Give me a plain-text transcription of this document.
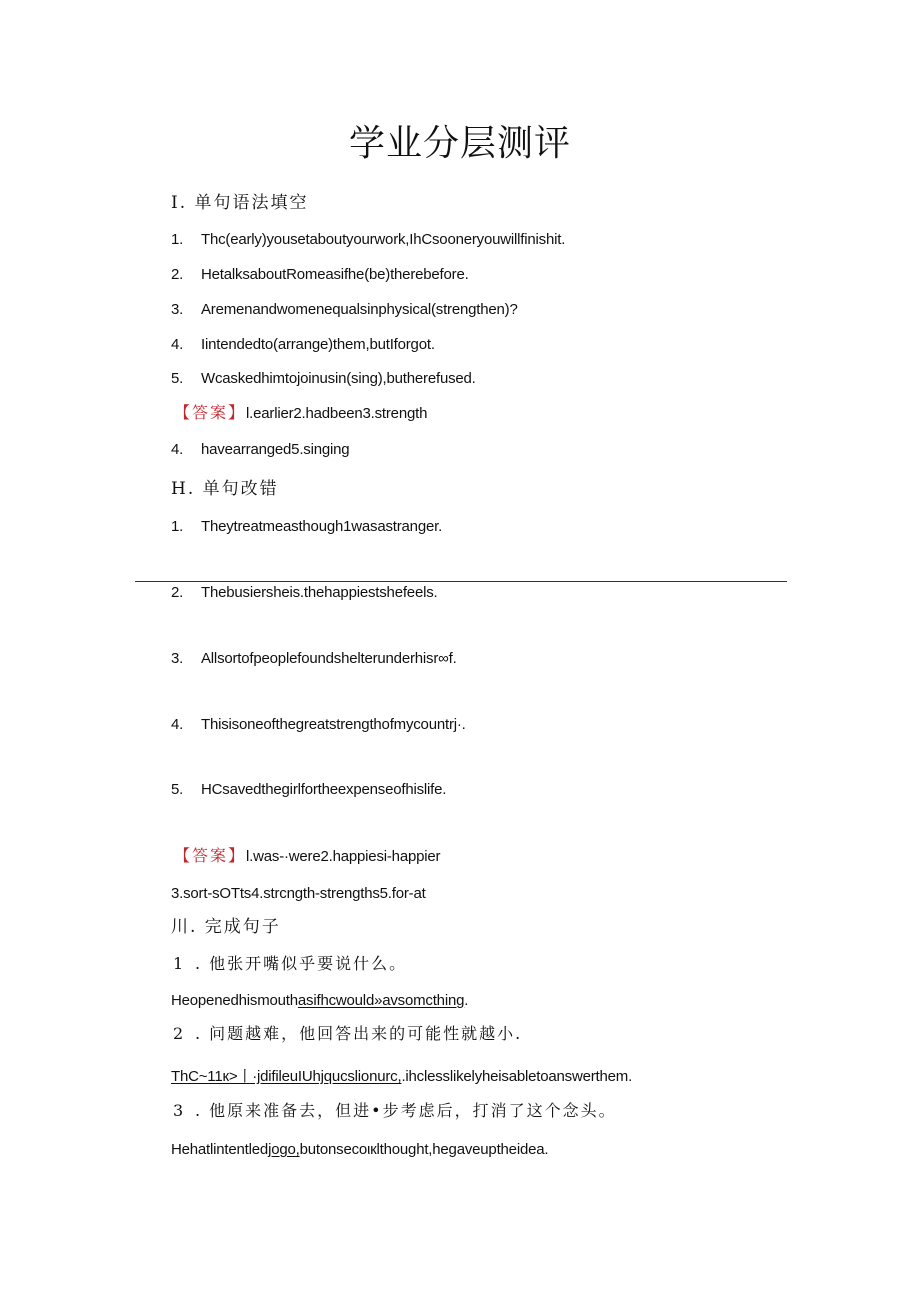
学业分层测评
I. 单句语法填空
1. Thc(early)yousetaboutyourwork,IhCsooneryouwillfinishit.
2. HetalksaboutRomeasifhe(be)therebefore.
3. Aremenandwomenequalsinphysical(strengthen)?
4. Iintendedto(arrange)them,butIforgot.
5. Wcaskedhimtojoinusin(sing),butherefused.
【答案】l.earlier2.hadbeen3.strength
4. havearranged5.singing
H. 单句改错
1. Theytreatmeasthough1wasastranger.
2. Thebusiershеis.thehappiestshefeels.
3. Allsortofpeoplefoundshelterunderhisr∞f.
4. Thisisoneofthegreatstrengthofmycountrj·.
5. HCsavedthegirlfortheexpenseofhislife.
【答案】l.was-·were2.happiesi-happier
3.sort-sOTts4.strcngth-strengths5.for-at
川. 完成句子
1 . 他张开嘴似乎要说什么。
Heopenedhismouthasifhcwould»avsomcthing.
2 . 问题越难，他回答出来的可能性就越小.
ThC~11к>丨·jdifileuIUhjqucslionurc,.ihclesslikelyheisabletoanswerthem.
3 . 他原来准备去，但进•步考虑后，打消了这个念头。
Hehatlintentledjogo,butonsecoιкlthought,hegaveuptheidea.
